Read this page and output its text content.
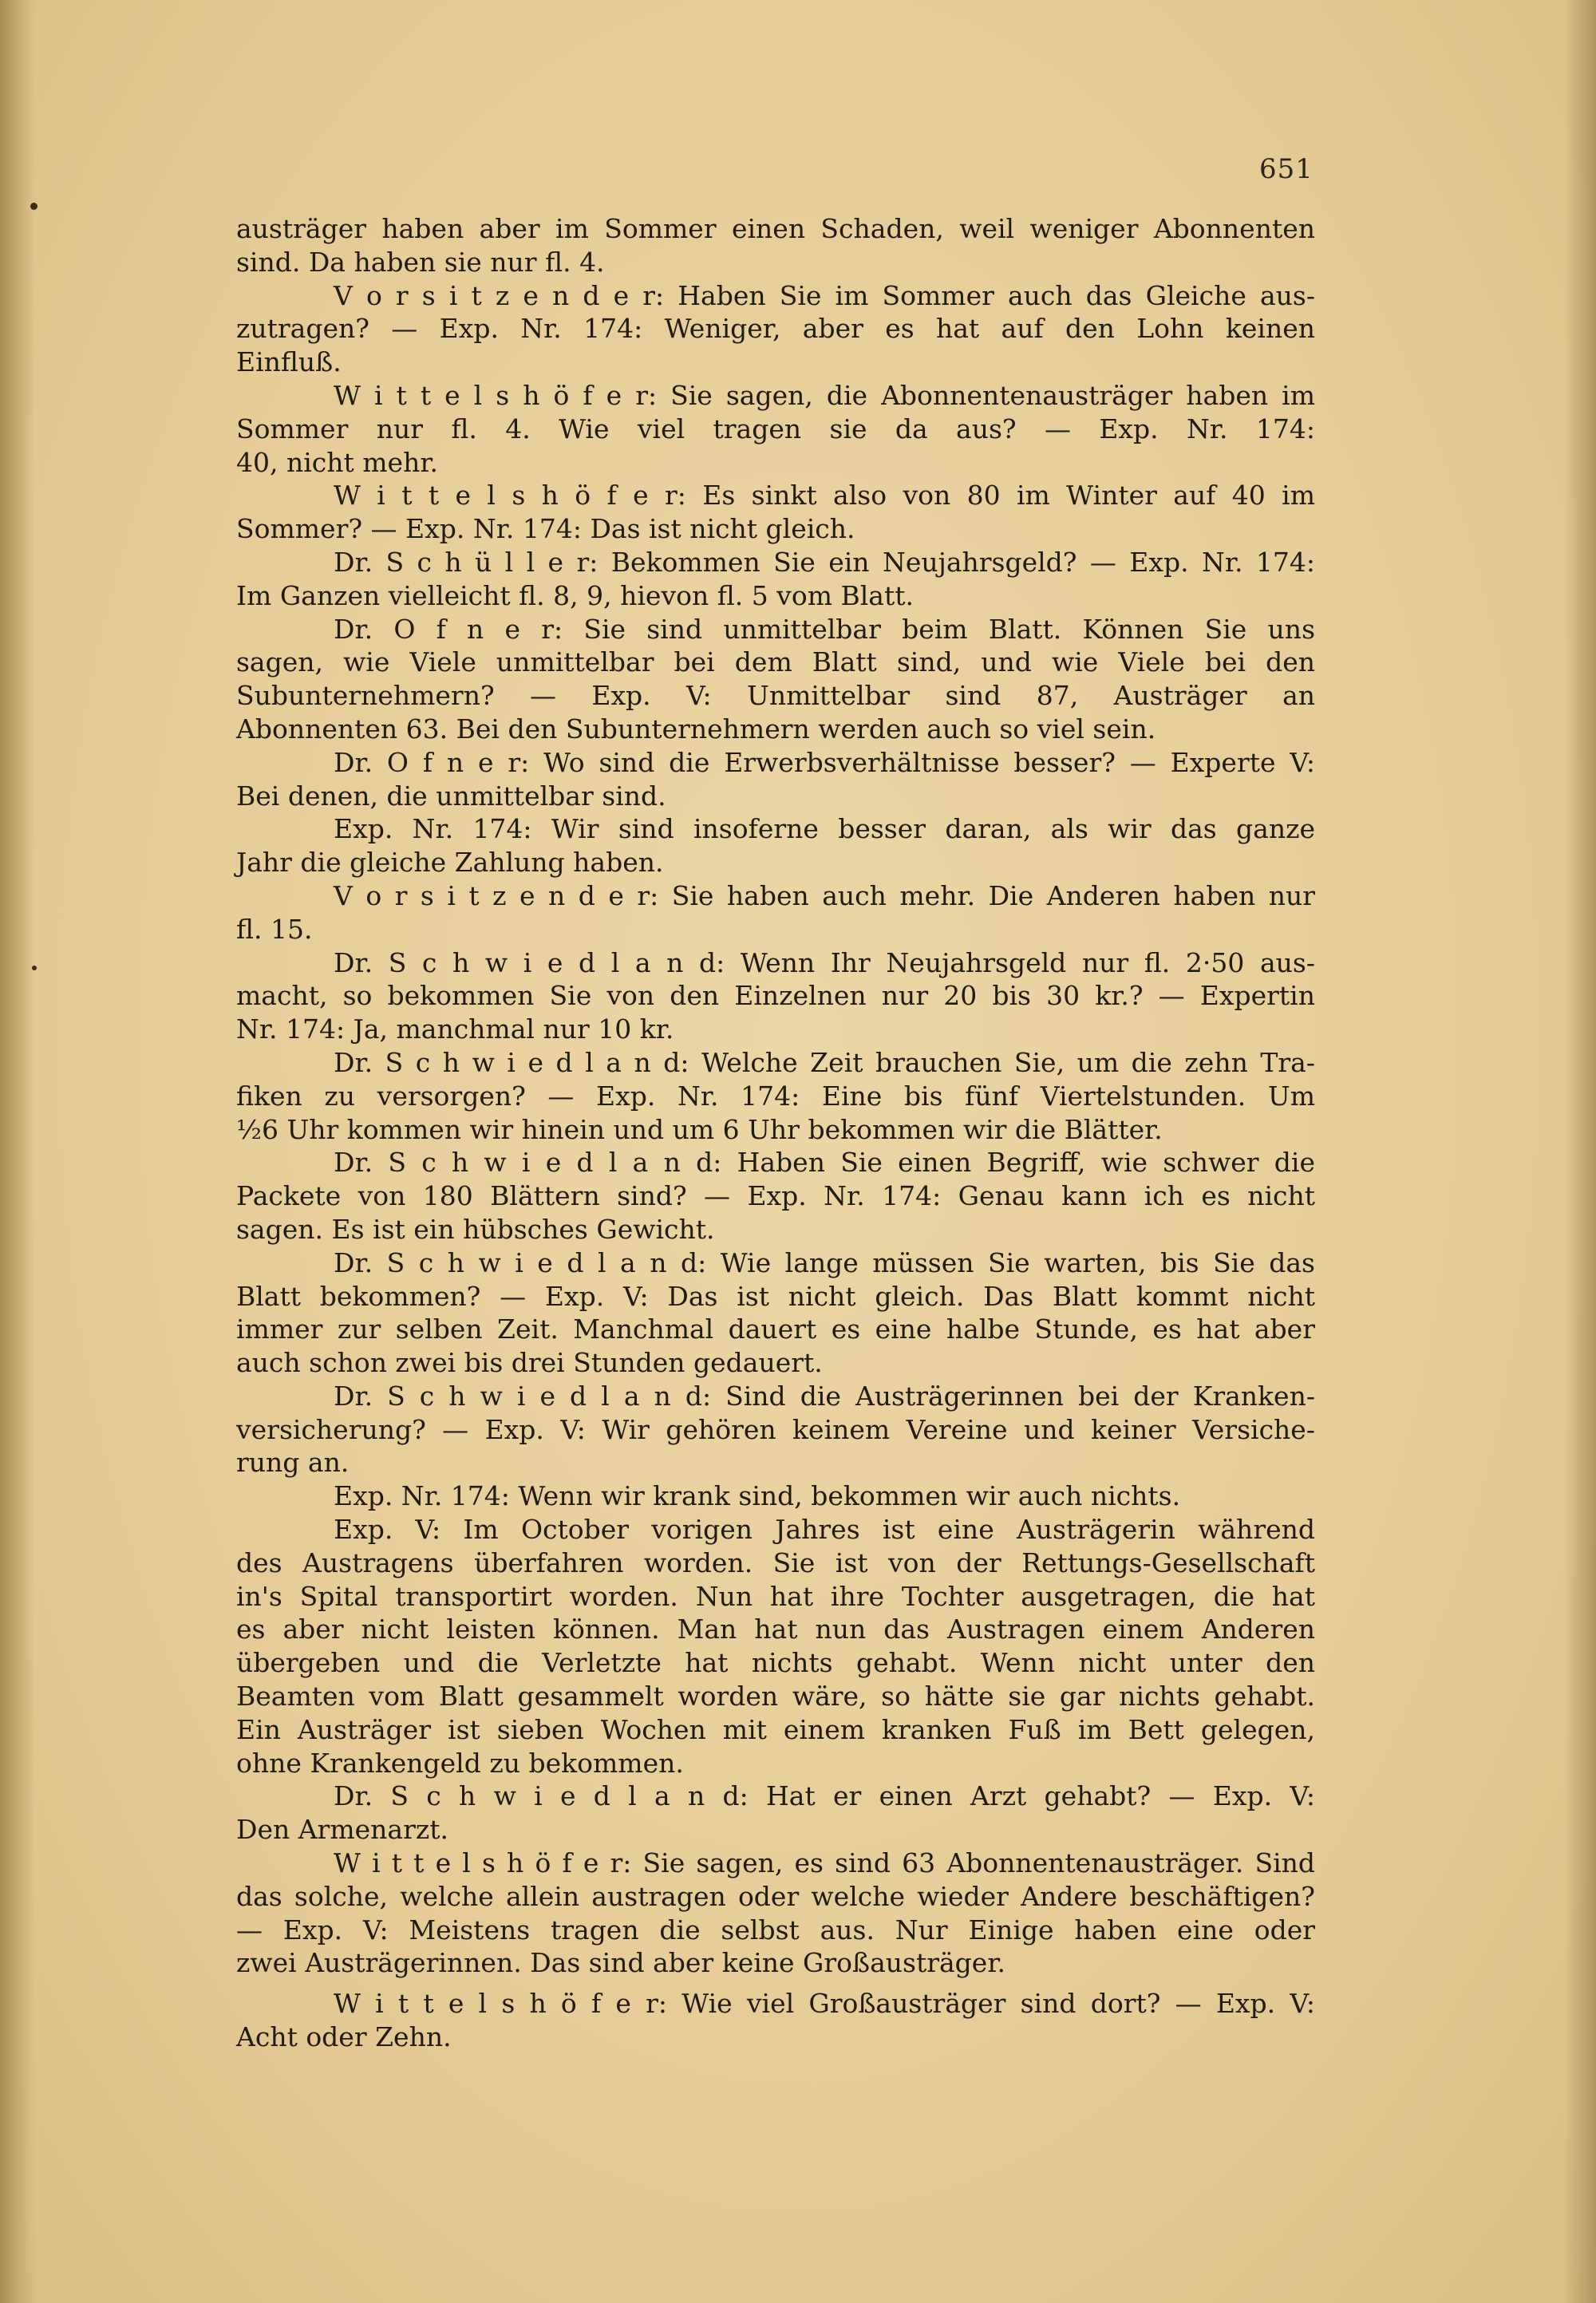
651
austräger haben aber im Sommer einen Schaden, weil weniger Abonnenten
sind. Da haben sie nur fl. 4.
V o r s i t z e n d e r: Haben Sie im Sommer auch das Gleiche aus-
zutragen? — Exp. Nr. 174: Weniger, aber es hat auf den Lohn keinen
Einfluß.
W i t t e l s h ö f e r: Sie sagen, die Abonnentenausträger haben im
Sommer nur fl. 4. Wie viel tragen sie da aus? — Exp. Nr. 174:
40, nicht mehr.
W i t t e l s h ö f e r: Es sinkt also von 80 im Winter auf 40 im
Sommer? — Exp. Nr. 174: Das ist nicht gleich.
Dr. S c h ü l l e r: Bekommen Sie ein Neujahrsgeld? — Exp. Nr. 174:
Im Ganzen vielleicht fl. 8, 9, hievon fl. 5 vom Blatt.
Dr. O f n e r: Sie sind unmittelbar beim Blatt. Können Sie uns
sagen, wie Viele unmittelbar bei dem Blatt sind, und wie Viele bei den
Subunternehmern? — Exp. V: Unmittelbar sind 87, Austräger an
Abonnenten 63. Bei den Subunternehmern werden auch so viel sein.
Dr. O f n e r: Wo sind die Erwerbsverhältnisse besser? — Experte V:
Bei denen, die unmittelbar sind.
Exp. Nr. 174: Wir sind insoferne besser daran, als wir das ganze
Jahr die gleiche Zahlung haben.
V o r s i t z e n d e r: Sie haben auch mehr. Die Anderen haben nur
fl. 15.
Dr. S c h w i e d l a n d: Wenn Ihr Neujahrsgeld nur fl. 2·50 aus-
macht, so bekommen Sie von den Einzelnen nur 20 bis 30 kr.? — Expertin
Nr. 174: Ja, manchmal nur 10 kr.
Dr. S c h w i e d l a n d: Welche Zeit brauchen Sie, um die zehn Tra-
fiken zu versorgen? — Exp. Nr. 174: Eine bis fünf Viertelstunden. Um
½6 Uhr kommen wir hinein und um 6 Uhr bekommen wir die Blätter.
Dr. S c h w i e d l a n d: Haben Sie einen Begriff, wie schwer die
Packete von 180 Blättern sind? — Exp. Nr. 174: Genau kann ich es nicht
sagen. Es ist ein hübsches Gewicht.
Dr. S c h w i e d l a n d: Wie lange müssen Sie warten, bis Sie das
Blatt bekommen? — Exp. V: Das ist nicht gleich. Das Blatt kommt nicht
immer zur selben Zeit. Manchmal dauert es eine halbe Stunde, es hat aber
auch schon zwei bis drei Stunden gedauert.
Dr. S c h w i e d l a n d: Sind die Austrägerinnen bei der Kranken-
versicherung? — Exp. V: Wir gehören keinem Vereine und keiner Versiche-
rung an.
Exp. Nr. 174: Wenn wir krank sind, bekommen wir auch nichts.
Exp. V: Im October vorigen Jahres ist eine Austrägerin während
des Austragens überfahren worden. Sie ist von der Rettungs-Gesellschaft
in's Spital transportirt worden. Nun hat ihre Tochter ausgetragen, die hat
es aber nicht leisten können. Man hat nun das Austragen einem Anderen
übergeben und die Verletzte hat nichts gehabt. Wenn nicht unter den
Beamten vom Blatt gesammelt worden wäre, so hätte sie gar nichts gehabt.
Ein Austräger ist sieben Wochen mit einem kranken Fuß im Bett gelegen,
ohne Krankengeld zu bekommen.
Dr. S c h w i e d l a n d: Hat er einen Arzt gehabt? — Exp. V:
Den Armenarzt.
W i t t e l s h ö f e r: Sie sagen, es sind 63 Abonnentenausträger. Sind
das solche, welche allein austragen oder welche wieder Andere beschäftigen?
— Exp. V: Meistens tragen die selbst aus. Nur Einige haben eine oder
zwei Austrägerinnen. Das sind aber keine Großausträger.
W i t t e l s h ö f e r: Wie viel Großausträger sind dort? — Exp. V:
Acht oder Zehn.
